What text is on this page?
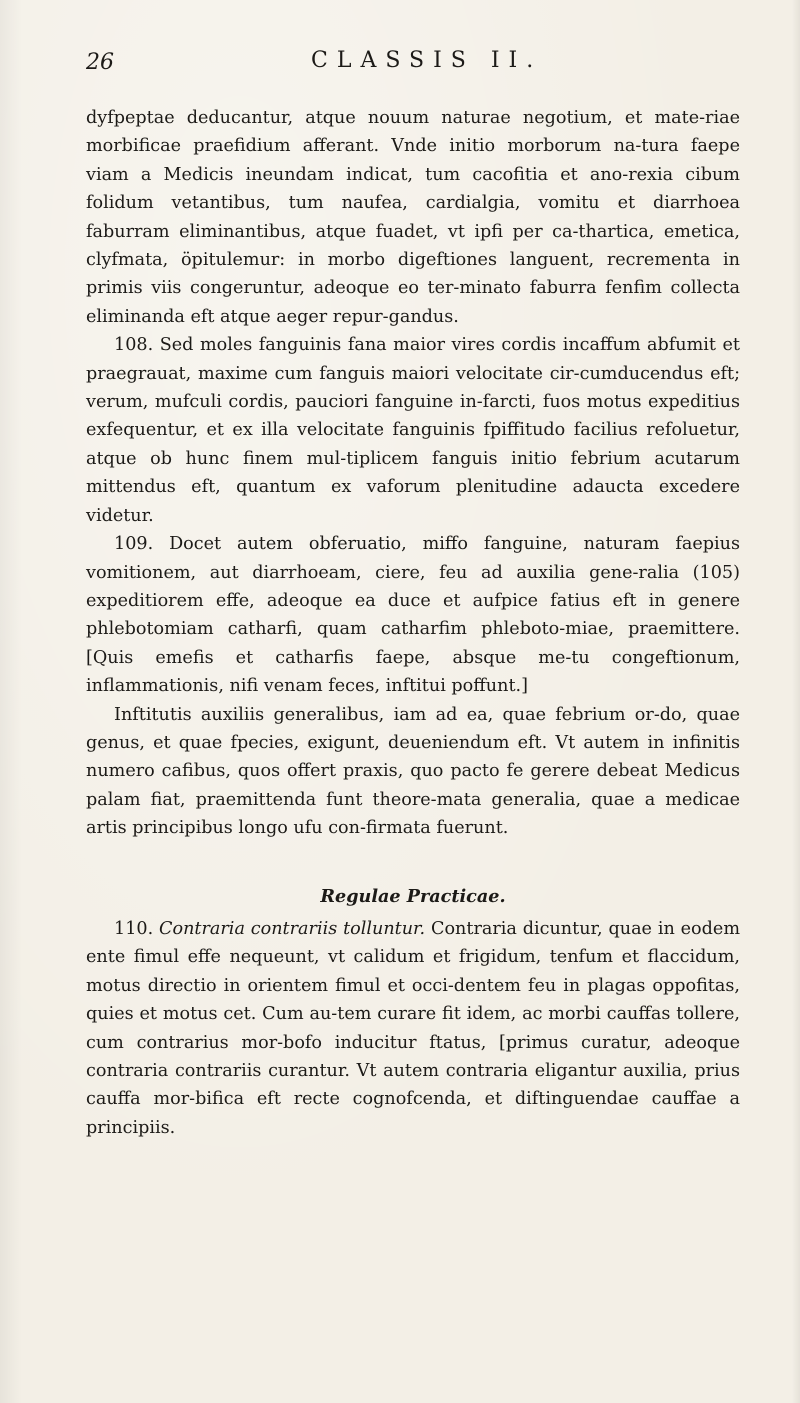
26	CLASSIS II.

dyfpeptae deducantur, atque nouum naturae negotium, et mate-riae morbificae praefidium afferant. Vnde initio morborum na-tura faepe viam a Medicis ineundam indicat, tum cacofitia et ano-rexia cibum folidum vetantibus, tum naufea, cardialgia, vomitu et diarrhoea faburram eliminantibus, atque fuadet, vt ipfi per ca-thartica, emetica, clyfmata, öpitulemur: in morbo digeftiones languent, recrementa in primis viis congeruntur, adeoque eo ter-minato faburra fenfim collecta eliminanda eft atque aeger repur-gandus.

108. Sed moles fanguinis fana maior vires cordis incaffum abfumit et praegrauat, maxime cum fanguis maiori velocitate cir-cumducendus eft; verum, mufculi cordis, pauciori fanguine in-farcti, fuos motus expeditius exfequentur, et ex illa velocitate fanguinis fpiffitudo facilius refoluetur, atque ob hunc finem mul-tiplicem fanguis initio febrium acutarum mittendus eft, quantum ex vaforum plenitudine adaucta excedere videtur.

109. Docet autem obferuatio, miffo fanguine, naturam faepius vomitionem, aut diarrhoeam, ciere, feu ad auxilia gene-ralia (105) expeditiorem effe, adeoque ea duce et aufpice fatius eft in genere phlebotomiam catharfi, quam catharfim phleboto-miae, praemittere. [Quis emefis et catharfis faepe, absque me-tu congeftionum, inflammationis, nifi venam feces, inftitui poffunt.]

Inftitutis auxiliis generalibus, iam ad ea, quae febrium or-do, quae genus, et quae fpecies, exigunt, deueniendum eft. Vt autem in infinitis numero cafibus, quos offert praxis, quo pacto fe gerere debeat Medicus palam fiat, praemittenda funt theore-mata generalia, quae a medicae artis principibus longo ufu con-firmata fuerunt.

Regulae Practicae.

110. Contraria contrariis tolluntur. Contraria dicuntur, quae in eodem ente fimul effe nequeunt, vt calidum et frigidum, tenfum et flaccidum, motus directio in orientem fimul et occi-dentem feu in plagas oppofitas, quies et motus cet. Cum au-tem curare fit idem, ac morbi cauffas tollere, cum contrarius mor-bofo inducitur ftatus, [primus curatur, adeoque contraria contrariis curantur. Vt autem contraria eligantur auxilia, prius cauffa mor-bifica eft recte cognofcenda, et diftinguendae cauffae a principiis.
